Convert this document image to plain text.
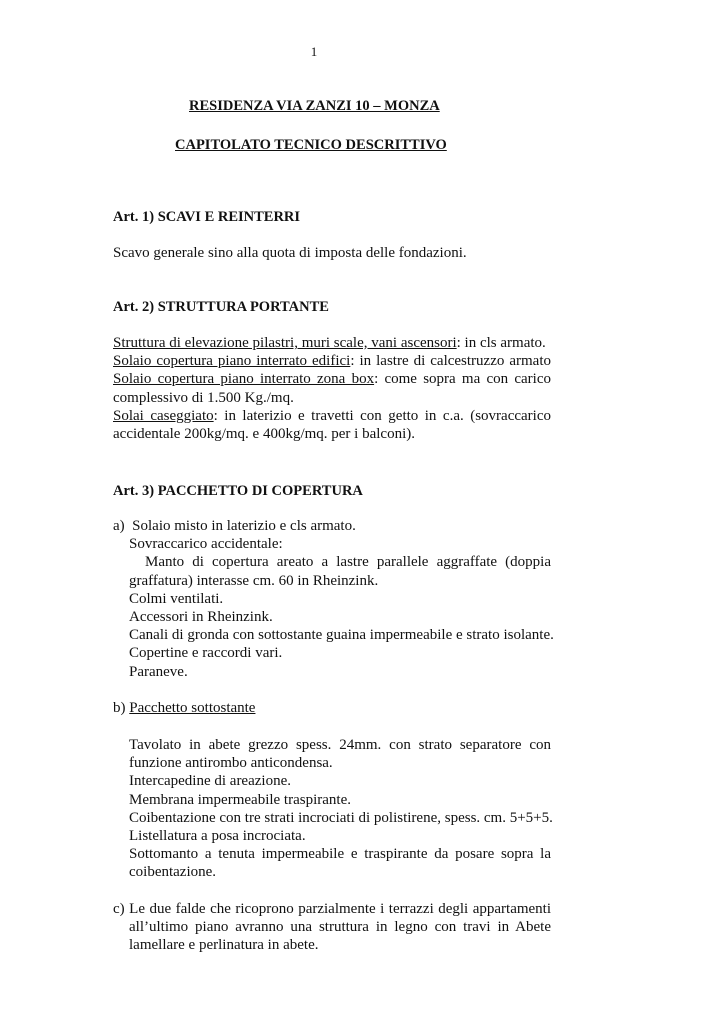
1
RESIDENZA VIA ZANZI 10 – MONZA
CAPITOLATO TECNICO DESCRITTIVO
Art. 1) SCAVI E REINTERRI
Scavo generale sino alla quota di imposta delle fondazioni.
Art. 2) STRUTTURA PORTANTE
Struttura di elevazione pilastri, muri scale, vani ascensori: in cls armato.
Solaio copertura piano interrato edifici: in lastre di calcestruzzo armato
Solaio copertura piano interrato zona box: come sopra ma con carico complessivo di 1.500 Kg./mq.
Solai caseggiato: in laterizio e travetti con getto in c.a. (sovraccarico accidentale 200kg/mq. e 400kg/mq. per i balconi).
Art. 3) PACCHETTO DI COPERTURA
a) Solaio misto in laterizio e cls armato.
Sovraccarico accidentale:
Manto di copertura areato a lastre parallele aggraffate (doppia
graffatura) interasse cm. 60 in Rheinzink.
Colmi ventilati.
Accessori in Rheinzink.
Canali di gronda con sottostante guaina impermeabile e strato isolante.
Copertine e raccordi vari.
Paraneve.
b) Pacchetto sottostante
Tavolato in abete grezzo spess. 24mm. con strato separatore con
funzione antirombo anticondensa.
Intercapedine di areazione.
Membrana impermeabile traspirante.
Coibentazione con tre strati incrociati di polistirene, spess. cm. 5+5+5.
Listellatura a posa incrociata.
Sottomanto a tenuta impermeabile e traspirante da posare sopra la
coibentazione.
c) Le due falde che ricoprono parzialmente i terrazzi degli appartamenti
all’ultimo piano avranno una struttura in legno con travi in Abete
lamellare e perlinatura in abete.
